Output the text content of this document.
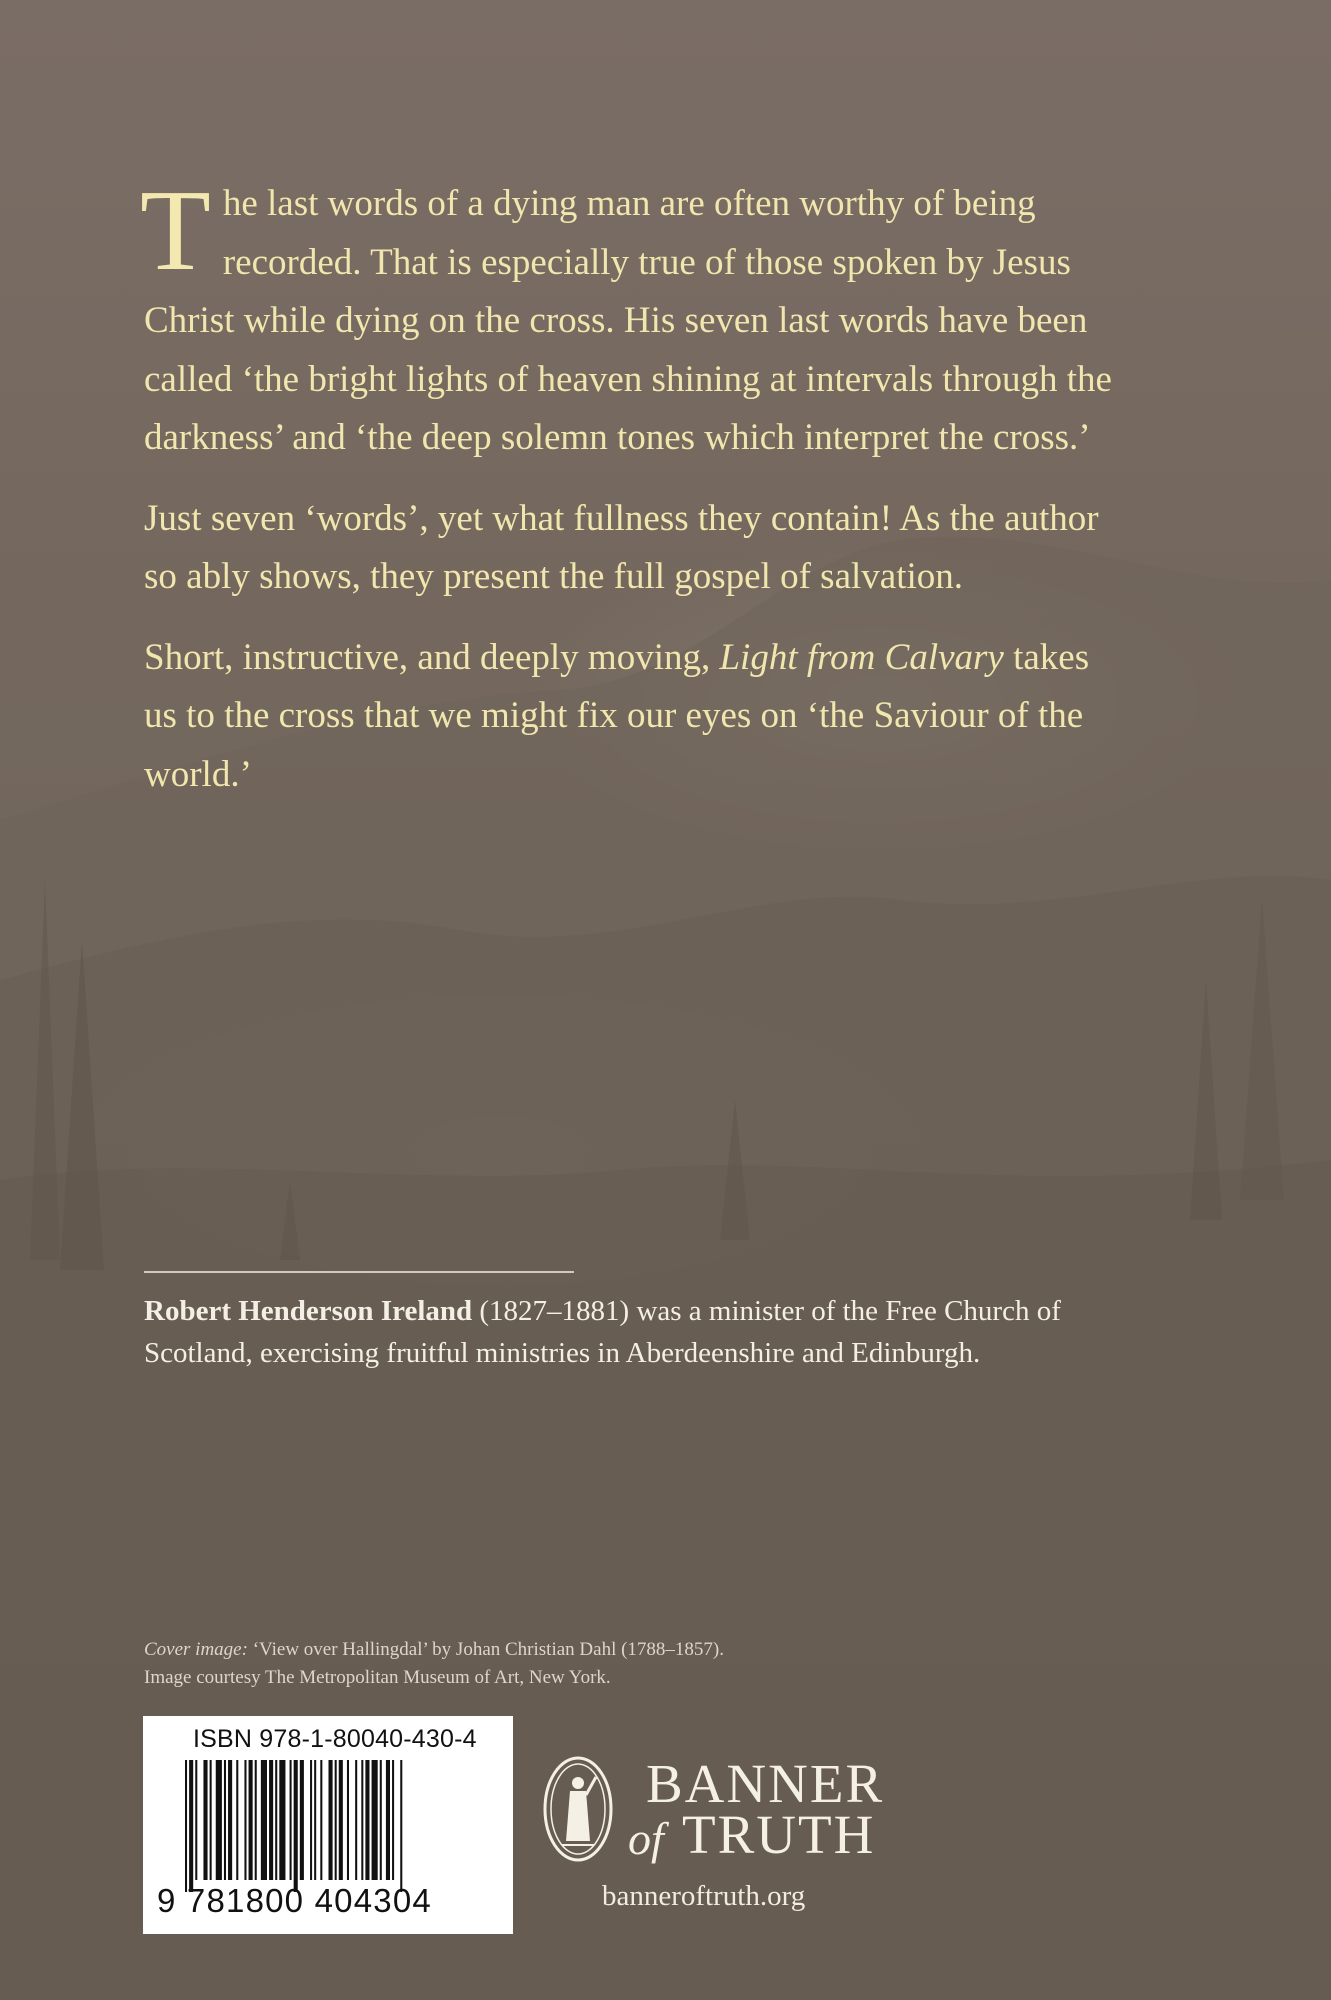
The last words of a dying man are often worthy of being recorded. That is especially true of those spoken by Jesus Christ while dying on the cross. His seven last words have been called ‘the bright lights of heaven shining at intervals through the darkness’ and ‘the deep solemn tones which interpret the cross.’

Just seven ‘words’, yet what fullness they contain! As the author so ably shows, they present the full gospel of salvation.

Short, instructive, and deeply moving, Light from Calvary takes us to the cross that we might fix our eyes on ‘the Saviour of the world.’

Robert Henderson Ireland (1827–1881) was a minister of the Free Church of Scotland, exercising fruitful ministries in Aberdeenshire and Edinburgh.
Cover image: ‘View over Hallingdal’ by Johan Christian Dahl (1788–1857).
Image courtesy The Metropolitan Museum of Art, New York.
ISBN 978-1-80040-430-4
9 781800 404304
BANNER
of TRUTH
banneroftruth.org
